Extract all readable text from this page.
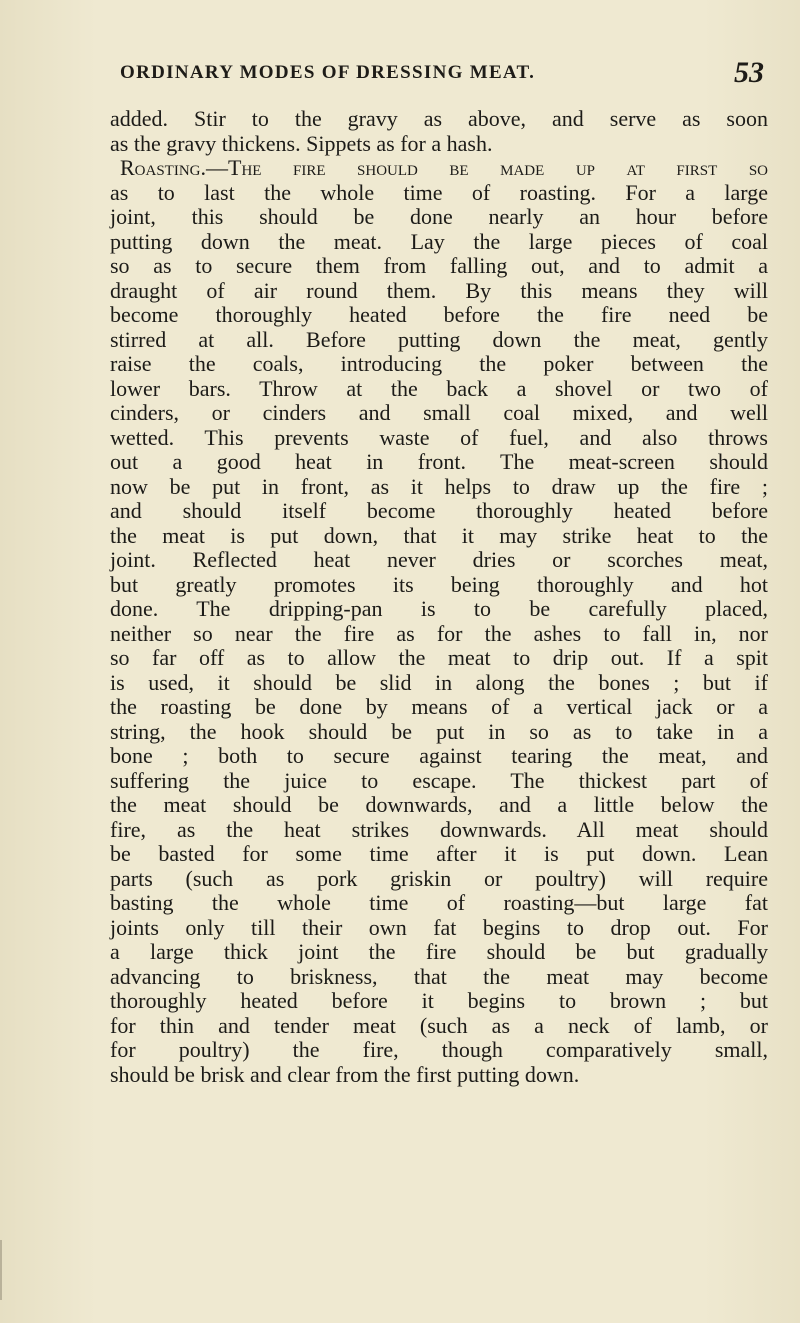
ORDINARY MODES OF DRESSING MEAT.	53
added. Stir to the gravy as above, and serve as soon
as the gravy thickens. Sippets as for a hash.
Roasting.—The fire should be made up at first so
as to last the whole time of roasting. For a large
joint, this should be done nearly an hour before
putting down the meat. Lay the large pieces of coal
so as to secure them from falling out, and to admit a
draught of air round them. By this means they will
become thoroughly heated before the fire need be
stirred at all. Before putting down the meat, gently
raise the coals, introducing the poker between the
lower bars. Throw at the back a shovel or two of
cinders, or cinders and small coal mixed, and well
wetted. This prevents waste of fuel, and also throws
out a good heat in front. The meat-screen should
now be put in front, as it helps to draw up the fire ;
and should itself become thoroughly heated before
the meat is put down, that it may strike heat to the
joint. Reflected heat never dries or scorches meat,
but greatly promotes its being thoroughly and hot
done. The dripping-pan is to be carefully placed,
neither so near the fire as for the ashes to fall in, nor
so far off as to allow the meat to drip out. If a spit
is used, it should be slid in along the bones ; but if
the roasting be done by means of a vertical jack or a
string, the hook should be put in so as to take in a
bone ; both to secure against tearing the meat, and
suffering the juice to escape. The thickest part of
the meat should be downwards, and a little below the
fire, as the heat strikes downwards. All meat should
be basted for some time after it is put down. Lean
parts (such as pork griskin or poultry) will require
basting the whole time of roasting—but large fat
joints only till their own fat begins to drop out. For
a large thick joint the fire should be but gradually
advancing to briskness, that the meat may become
thoroughly heated before it begins to brown ; but
for thin and tender meat (such as a neck of lamb, or
for poultry) the fire, though comparatively small,
should be brisk and clear from the first putting down.
